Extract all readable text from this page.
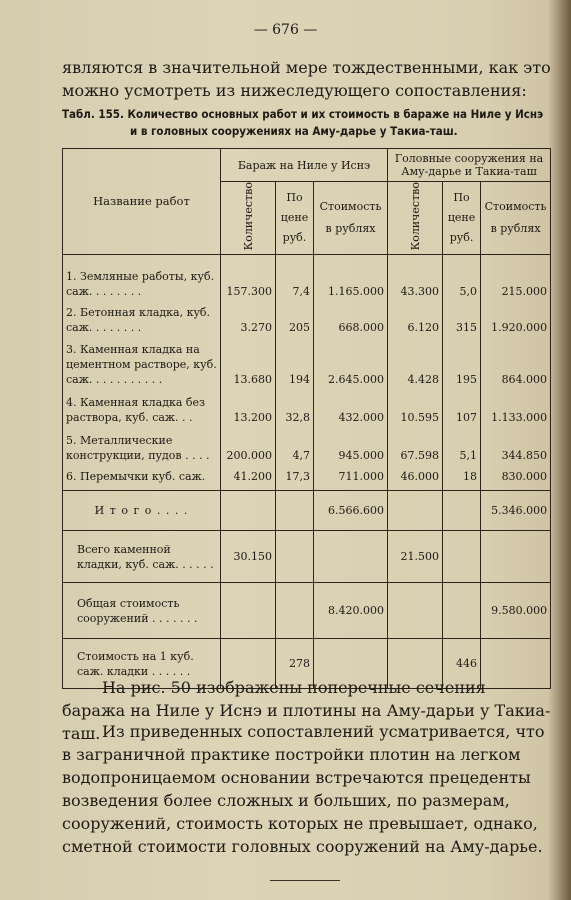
— 676 —
являются в значительной мере тождественными, как это можно усмотреть из нижеследующего сопоставления:
Табл. 155. Количество основных работ и их стоимость в бараже на Ниле у Иснэ
и в головных сооружениях на Аму-дарье у Такиа-таш.
Название работ	Бараж на Ниле у Иснэ			Головные сооружения на Аму-дарье и Такиа-таш		
	Количество	По цене руб.	Стоимость в рублях	Количество	По цене руб.	Стоимость в рублях
1. Земляные работы, куб. саж. . . . . . . .	157.300	7,4	1.165.000	43.300	5,0	215.000
2. Бетонная кладка, куб. саж. . . . . . . .	3.270	205	668.000	6.120	315	1.920.000
3. Каменная кладка на цементном растворе, куб. саж. . . . . . . . . . .	13.680	194	2.645.000	4.428	195	864.000
4. Каменная кладка без раствора, куб. саж. . .	13.200	32,8	432.000	10.595	107	1.133.000
5. Металлические конструкции, пудов . . . .	200.000	4,7	945.000	67.598	5,1	344.850
6. Перемычки куб. саж.	41.200	17,3	711.000	46.000	18	830.000
И т о г о . . . .			6.566.600			5.346.000
Всего каменной кладки, куб. саж. . . . . .	30.150			21.500		
Общая стоимость сооружений . . . . . . .			8.420.000			9.580.000
Стоимость на 1 куб. саж. кладки . . . . . .		278			446	
На рис. 50 изображены поперечные сечения баража на Ниле у Иснэ и плотины на Аму-дарьи у Такиа-таш. Из приведенных сопоставлений усматривается, что в заграничной практике постройки плотин на легком водопроницаемом основании встречаются прецеденты возведения более сложных и больших, по размерам, сооружений, стоимость которых не превышает, однако, сметной стоимости головных сооружений на Аму-дарье.
